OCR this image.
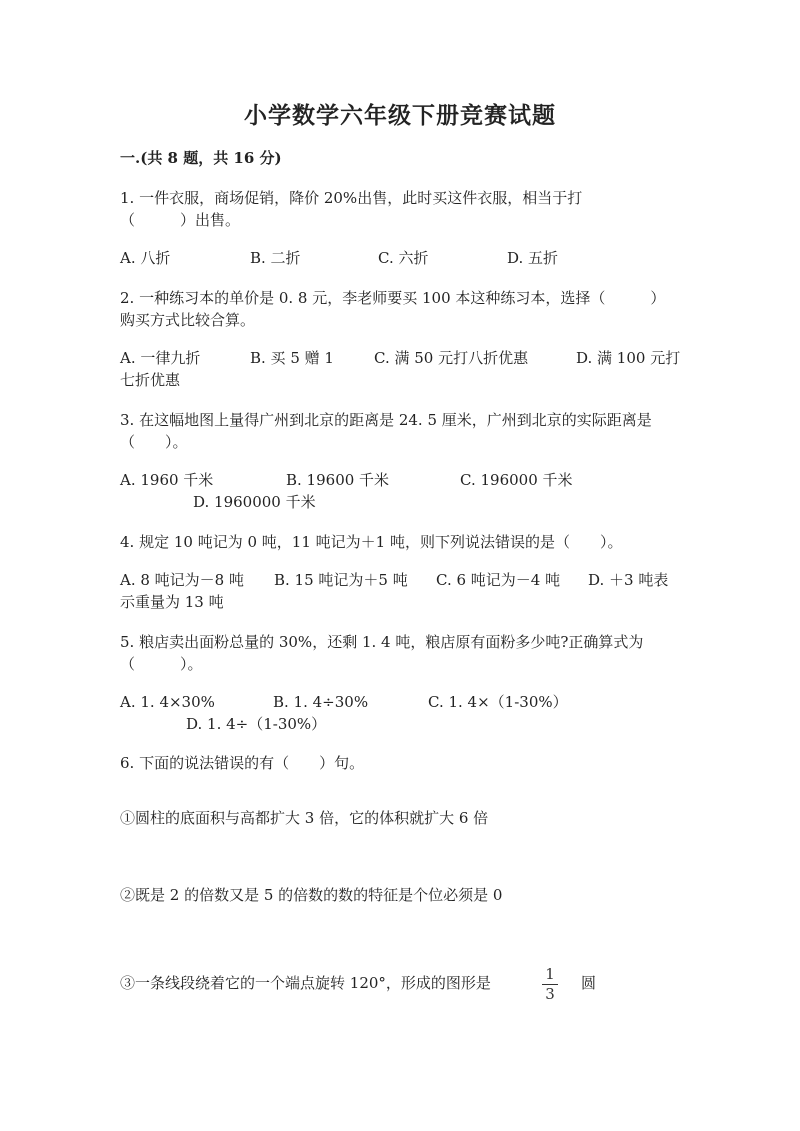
小学数学六年级下册竞赛试题
一.(共 8 题，共 16 分)
1. 一件衣服，商场促销，降价 20%出售，此时买这件衣服，相当于打
（　　　）出售。
A. 八折	B. 二折	C. 六折	D. 五折
2. 一种练习本的单价是 0. 8 元，李老师要买 100 本这种练习本，选择（　　　）
购买方式比较合算。
A. 一律九折	B. 买 5 赠 1	C. 满 50 元打八折优惠	D. 满 100 元打
七折优惠
3. 在这幅地图上量得广州到北京的距离是 24. 5 厘米，广州到北京的实际距离是
（　　）。
A. 1960 千米	B. 19600 千米	C. 196000 千米
D. 1960000 千米
4. 规定 10 吨记为 0 吨，11 吨记为＋1 吨，则下列说法错误的是（　　）。
A. 8 吨记为－8 吨 B. 15 吨记为＋5 吨 C. 6 吨记为－4 吨 D. ＋3 吨表
示重量为 13 吨
5. 粮店卖出面粉总量的 30%，还剩 1. 4 吨，粮店原有面粉多少吨?正确算式为
（　　　）。
A. 1. 4×30%	B. 1. 4÷30%	C. 1. 4×（1-30%）
D. 1. 4÷（1-30%）
6. 下面的说法错误的有（　　）句。
①圆柱的底面积与高都扩大 3 倍，它的体积就扩大 6 倍
②既是 2 的倍数又是 5 的倍数的数的特征是个位必须是 0
③一条线段绕着它的一个端点旋转 120°，形成的图形是	1
3
圆
